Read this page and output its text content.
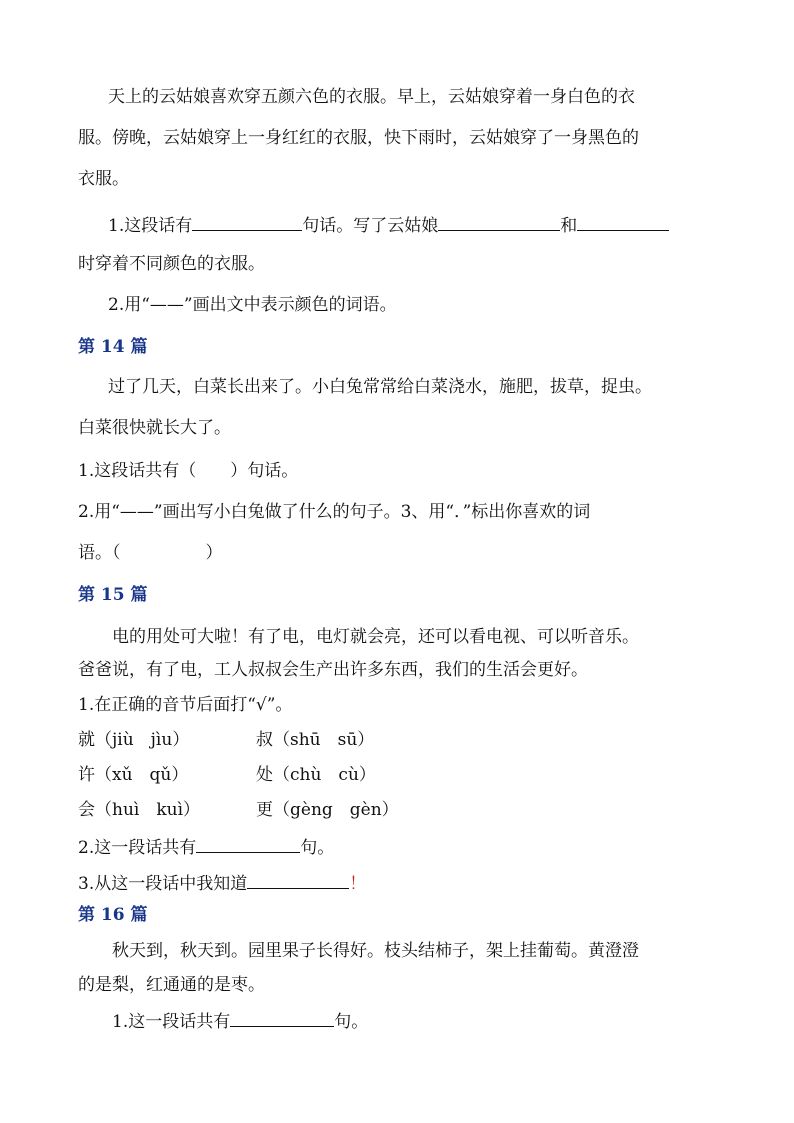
天上的云姑娘喜欢穿五颜六色的衣服。早上，云姑娘穿着一身白色的衣
服。傍晚，云姑娘穿上一身红红的衣服，快下雨时，云姑娘穿了一身黑色的
衣服。
1.这段话有	句话。写了云姑娘	和
时穿着不同颜色的衣服。
2.用“——”画出文中表示颜色的词语。
第 14 篇
过了几天，白菜长出来了。小白兔常常给白菜浇水，施肥，拔草，捉虫。
白菜很快就长大了。
1.这段话共有（　　）句话。
2.用“——”画出写小白兔做了什么的句子。3、用“．”标出你喜欢的词
语。（　　　　　）
第 15 篇
电的用处可大啦！有了电，电灯就会亮，还可以看电视、可以听音乐。
爸爸说，有了电，工人叔叔会生产出许多东西，我们的生活会更好。
1.在正确的音节后面打“√”。
就（jiù　jìu）	叔（shū　sū）
许（xǔ　qǔ）	处（chù　cù）
会（huì　kuì）	更（gèng　gèn）
2.这一段话共有	句。
3.从这一段话中我知道	！
第 16 篇
秋天到，秋天到。园里果子长得好。枝头结柿子，架上挂葡萄。黄澄澄
的是梨，红通通的是枣。
1.这一段话共有	句。
